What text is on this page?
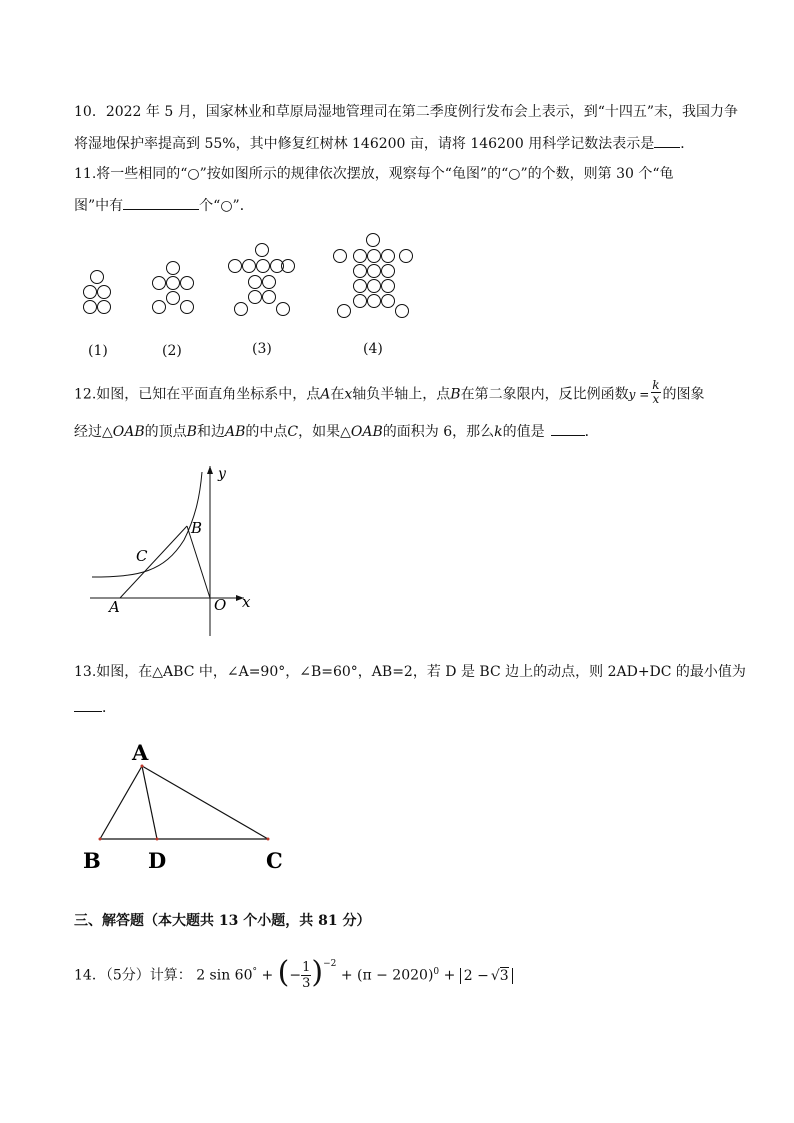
10．2022 年 5 月，国家林业和草原局湿地管理司在第二季度例行发布会上表示，到“十四五”末，我国力争
将湿地保护率提高到 55%，其中修复红树林 146200 亩，请将 146200 用科学记数法表示是 ．
11.将一些相同的“○”按如图所示的规律依次摆放，观察每个“龟图”的“○”的个数，则第 30 个“龟
图”中有	个“○”．
(1)	(2)	(3)	(4)
12.如图，已知在平面直角坐标系中，点A在x轴负半轴上，点B在第二象限内，反比例函数$y = \frac{k}{x}$ 的图象
经过△OAB的顶点B和边AB的中点C，如果△OAB的面积为 6，那么k的值是	．
y
B
C
A	O x
13.如图，在△ABC 中，∠A=90°，∠B=60°，AB=2，若 D 是 BC 边上的动点，则 2AD+DC 的最小值为
．
A
B D	C
三、解答题（本大题共 13 个小题，共 81 分）
14．（5分）计算： 2 sin 60° + (− $\frac{1}{3} )^{-2} + (\pi - 2020)^0 + 2 - √3$
